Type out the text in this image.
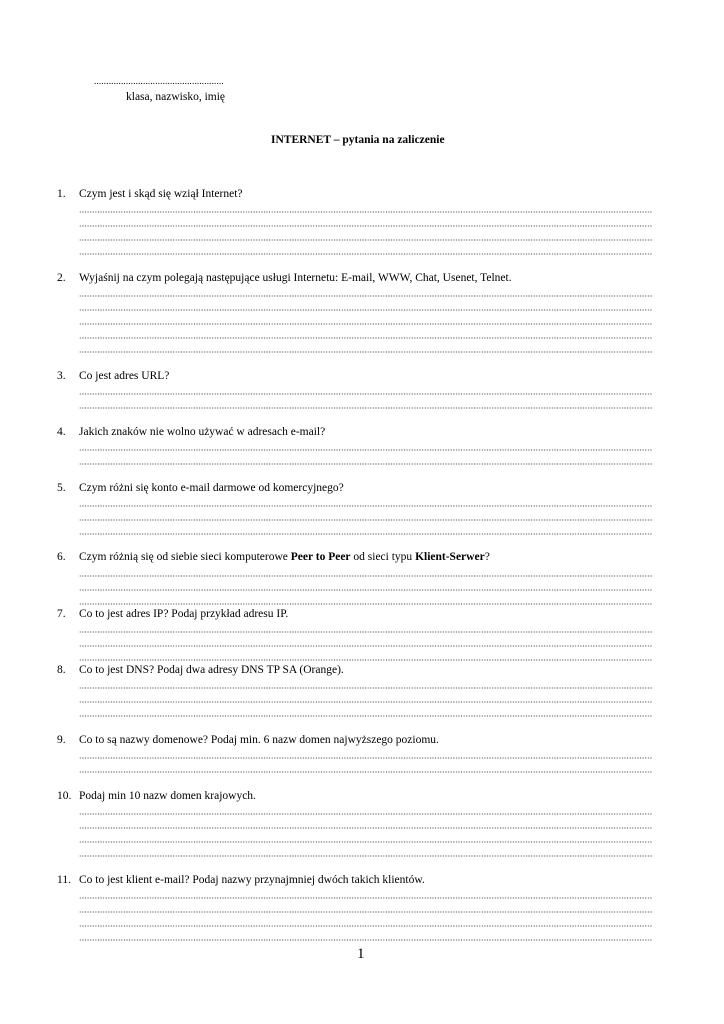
.....................................................
klasa, nazwisko, imię
INTERNET – pytania na zaliczenie
1. Czym jest i skąd się wziął Internet?
2. Wyjaśnij na czym polegają następujące usługi Internetu: E-mail, WWW, Chat, Usenet, Telnet.
3. Co jest adres URL?
4. Jakich znaków nie wolno używać w adresach e-mail?
5. Czym różni się konto e-mail darmowe od komercyjnego?
6. Czym różnią się od siebie sieci komputerowe Peer to Peer od sieci typu Klient-Serwer?
7. Co to jest adres IP? Podaj przykład adresu IP.
8. Co to jest DNS? Podaj dwa adresy DNS TP SA (Orange).
9. Co to są nazwy domenowe? Podaj min. 6 nazw domen najwyższego poziomu.
10. Podaj min 10 nazw domen krajowych.
11. Co to jest klient e-mail? Podaj nazwy przynajmniej dwóch takich klientów.
1
